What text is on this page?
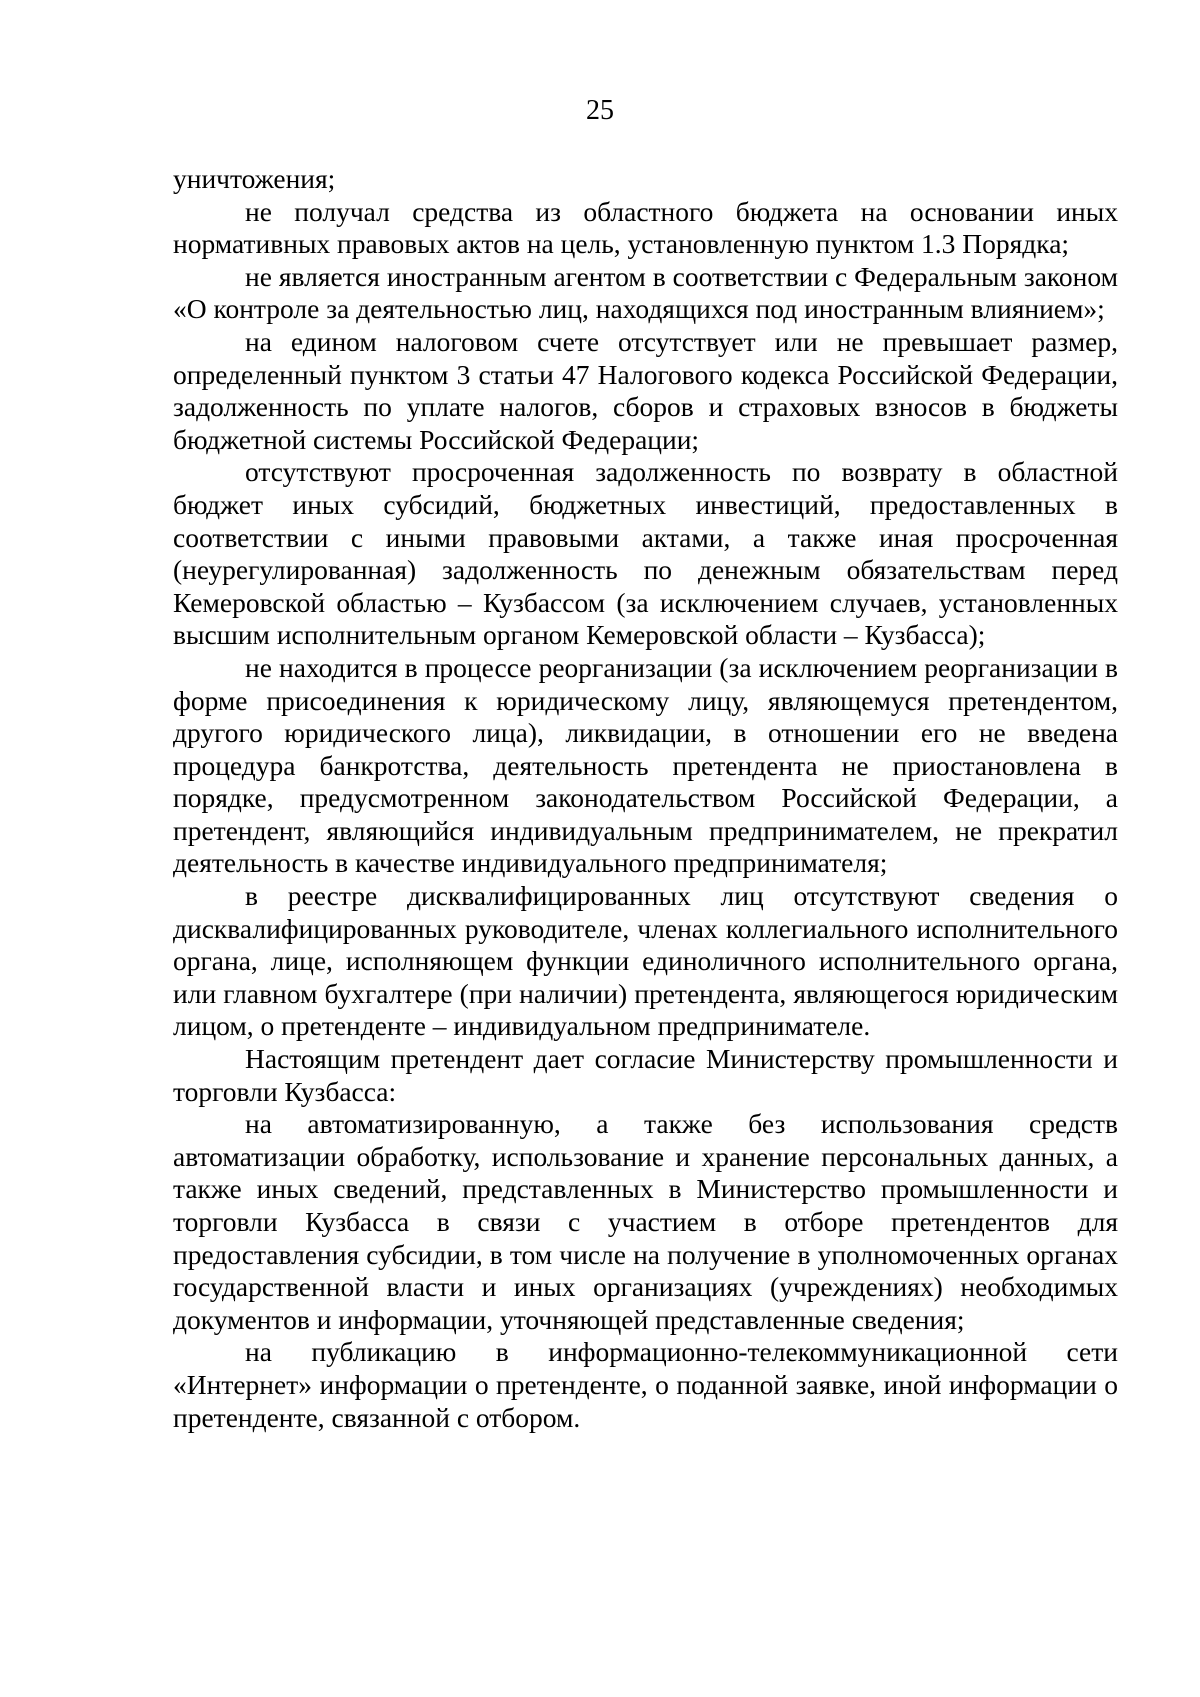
25

уничтожения;

не получал средства из областного бюджета на основании иных нормативных правовых актов на цель, установленную пунктом 1.3 Порядка;

не является иностранным агентом в соответствии с Федеральным законом «О контроле за деятельностью лиц, находящихся под иностранным влиянием»;

на едином налоговом счете отсутствует или не превышает размер, определенный пунктом 3 статьи 47 Налогового кодекса Российской Федерации, задолженность по уплате налогов, сборов и страховых взносов в бюджеты бюджетной системы Российской Федерации;

отсутствуют просроченная задолженность по возврату в областной бюджет иных субсидий, бюджетных инвестиций, предоставленных в соответствии с иными правовыми актами, а также иная просроченная (неурегулированная) задолженность по денежным обязательствам перед Кемеровской областью – Кузбассом (за исключением случаев, установленных высшим исполнительным органом Кемеровской области – Кузбасса);

не находится в процессе реорганизации (за исключением реорганизации в форме присоединения к юридическому лицу, являющемуся претендентом, другого юридического лица), ликвидации, в отношении его не введена процедура банкротства, деятельность претендента не приостановлена в порядке, предусмотренном законодательством Российской Федерации, а претендент, являющийся индивидуальным предпринимателем, не прекратил деятельность в качестве индивидуального предпринимателя;

в реестре дисквалифицированных лиц отсутствуют сведения о дисквалифицированных руководителе, членах коллегиального исполнительного органа, лице, исполняющем функции единоличного исполнительного органа, или главном бухгалтере (при наличии) претендента, являющегося юридическим лицом, о претенденте – индивидуальном предпринимателе.

Настоящим претендент дает согласие Министерству промышленности и торговли Кузбасса:

на автоматизированную, а также без использования средств автоматизации обработку, использование и хранение персональных данных, а также иных сведений, представленных в Министерство промышленности и торговли Кузбасса в связи с участием в отборе претендентов для предоставления субсидии, в том числе на получение в уполномоченных органах государственной власти и иных организациях (учреждениях) необходимых документов и информации, уточняющей представленные сведения;

на публикацию в информационно-телекоммуникационной сети «Интернет» информации о претенденте, о поданной заявке, иной информации о претенденте, связанной с отбором.
